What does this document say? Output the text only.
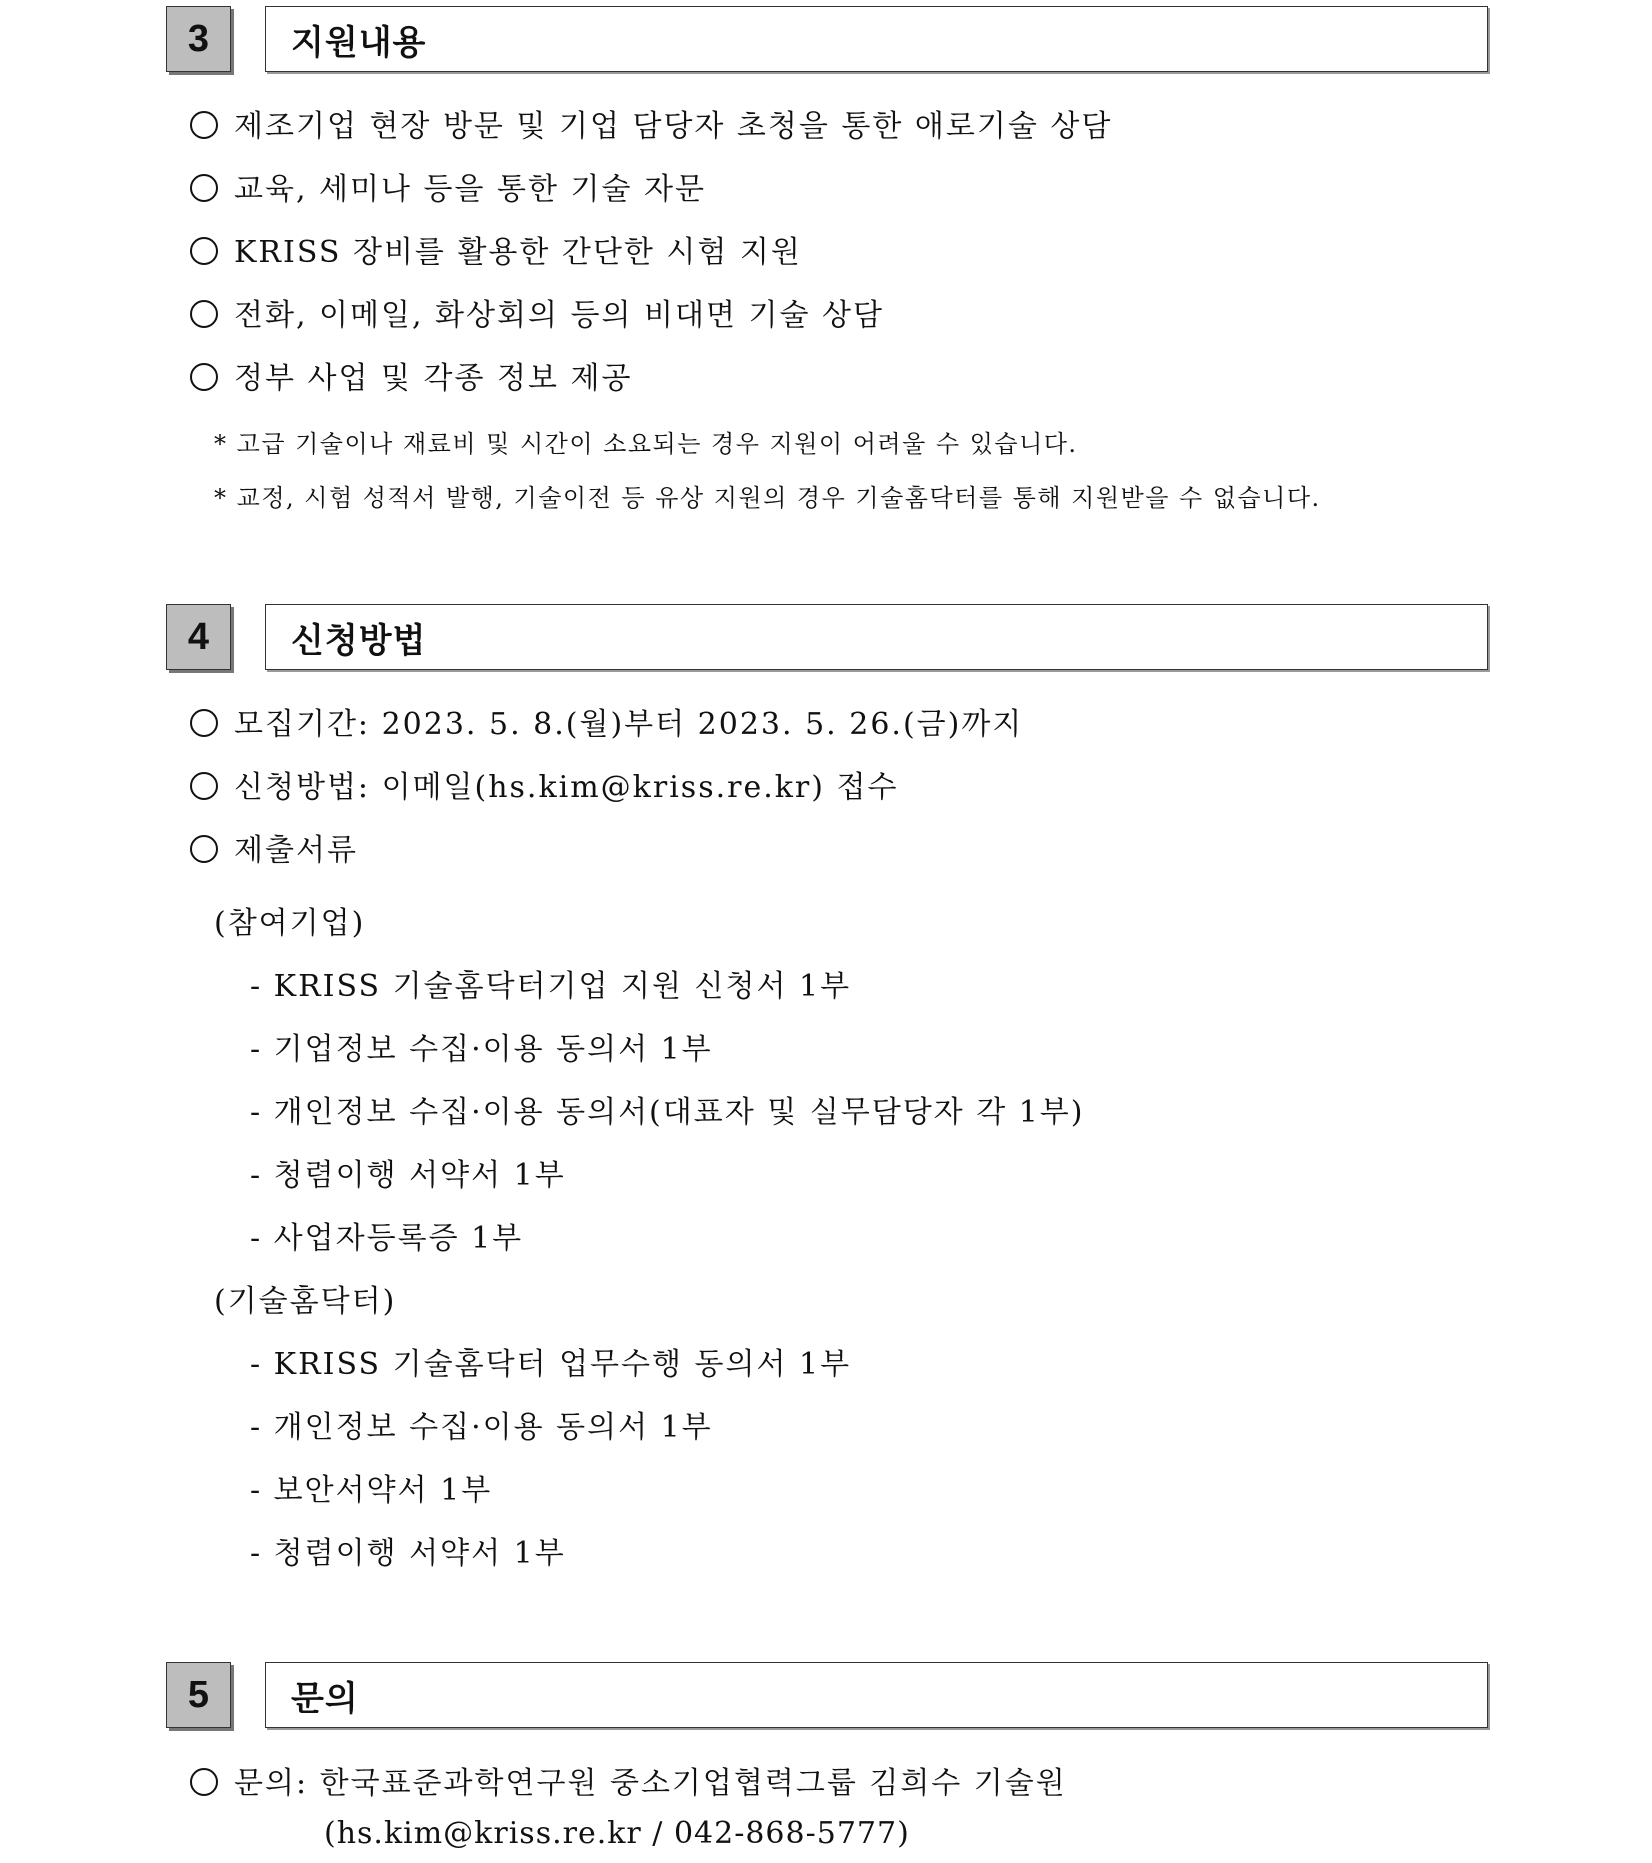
3	지원내용
제조기업 현장 방문 및 기업 담당자 초청을 통한 애로기술 상담
교육, 세미나 등을 통한 기술 자문
KRISS 장비를 활용한 간단한 시험 지원
전화, 이메일, 화상회의 등의 비대면 기술 상담
정부 사업 및 각종 정보 제공
* 고급 기술이나 재료비 및 시간이 소요되는 경우 지원이 어려울 수 있습니다.
* 교정, 시험 성적서 발행, 기술이전 등 유상 지원의 경우 기술홈닥터를 통해 지원받을 수 없습니다.
4	신청방법
모집기간: 2023. 5. 8.(월)부터 2023. 5. 26.(금)까지
신청방법: 이메일(hs.kim@kriss.re.kr) 접수
제출서류
(참여기업)
- KRISS 기술홈닥터기업 지원 신청서 1부
- 기업정보 수집·이용 동의서 1부
- 개인정보 수집·이용 동의서(대표자 및 실무담당자 각 1부)
- 청렴이행 서약서 1부
- 사업자등록증 1부
(기술홈닥터)
- KRISS 기술홈닥터 업무수행 동의서 1부
- 개인정보 수집·이용 동의서 1부
- 보안서약서 1부
- 청렴이행 서약서 1부
5	문의
문의: 한국표준과학연구원 중소기업협력그룹 김희수 기술원
(hs.kim@kriss.re.kr / 042-868-5777)
